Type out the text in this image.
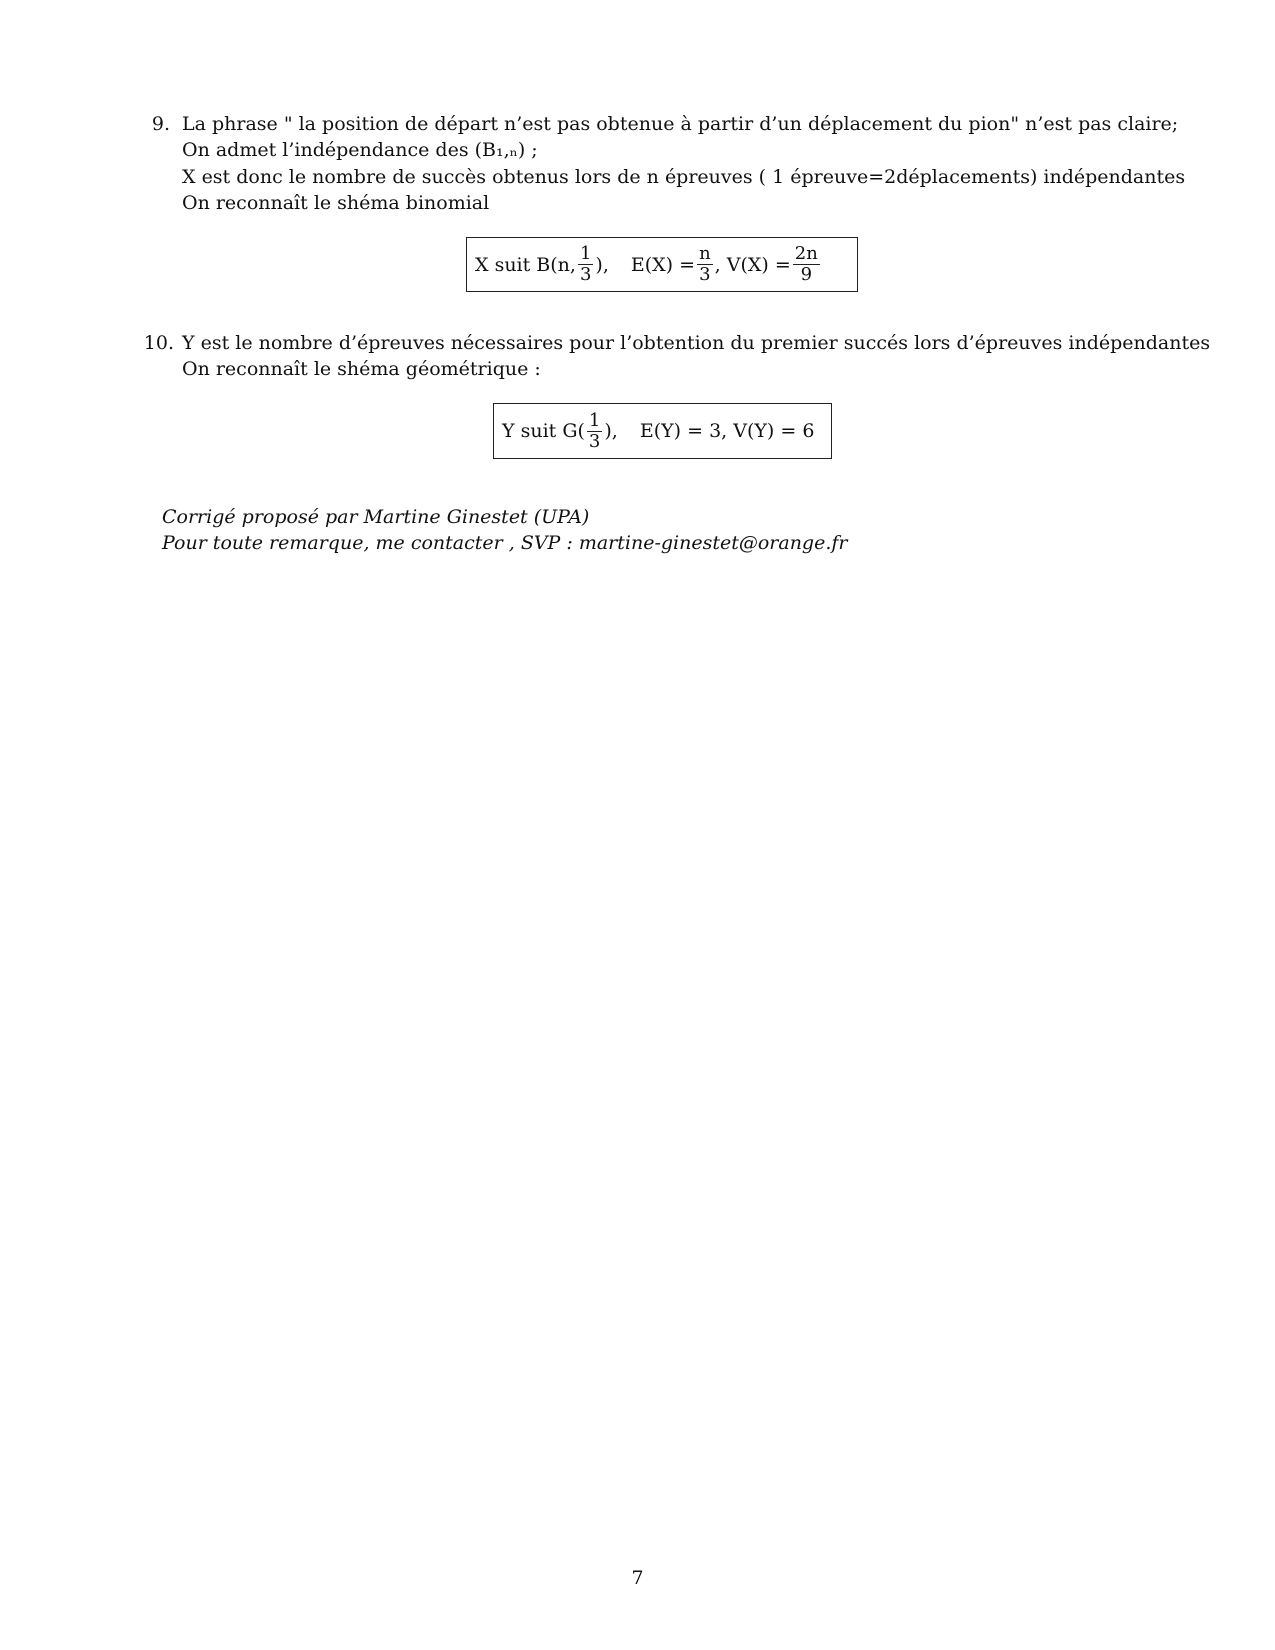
9. La phrase " la position de départ n’est pas obtenue à partir d’un déplacement du pion" n’est pas claire;
On admet l’indépendance des (B₁,ₙ) ;
X est donc le nombre de succès obtenus lors de n épreuves ( 1 épreuve=2déplacements) indépendantes
On reconnaît le shéma binomial
X suit B(n, $\frac{1}{3}$ ), $E(X) = \frac{n}{3}$ , $V(X) = \frac{2n}{9}$
10. Y est le nombre d’épreuves nécessaires pour l’obtention du premier succés lors d’épreuves indépendantes
On reconnaît le shéma géométrique :
Y suit $G( \frac{1}{3}$ ), E(Y) = 3, V(Y) = 6
Corrigé proposé par Martine Ginestet (UPA)
Pour toute remarque, me contacter , SVP : martine-ginestet@orange.fr
7
